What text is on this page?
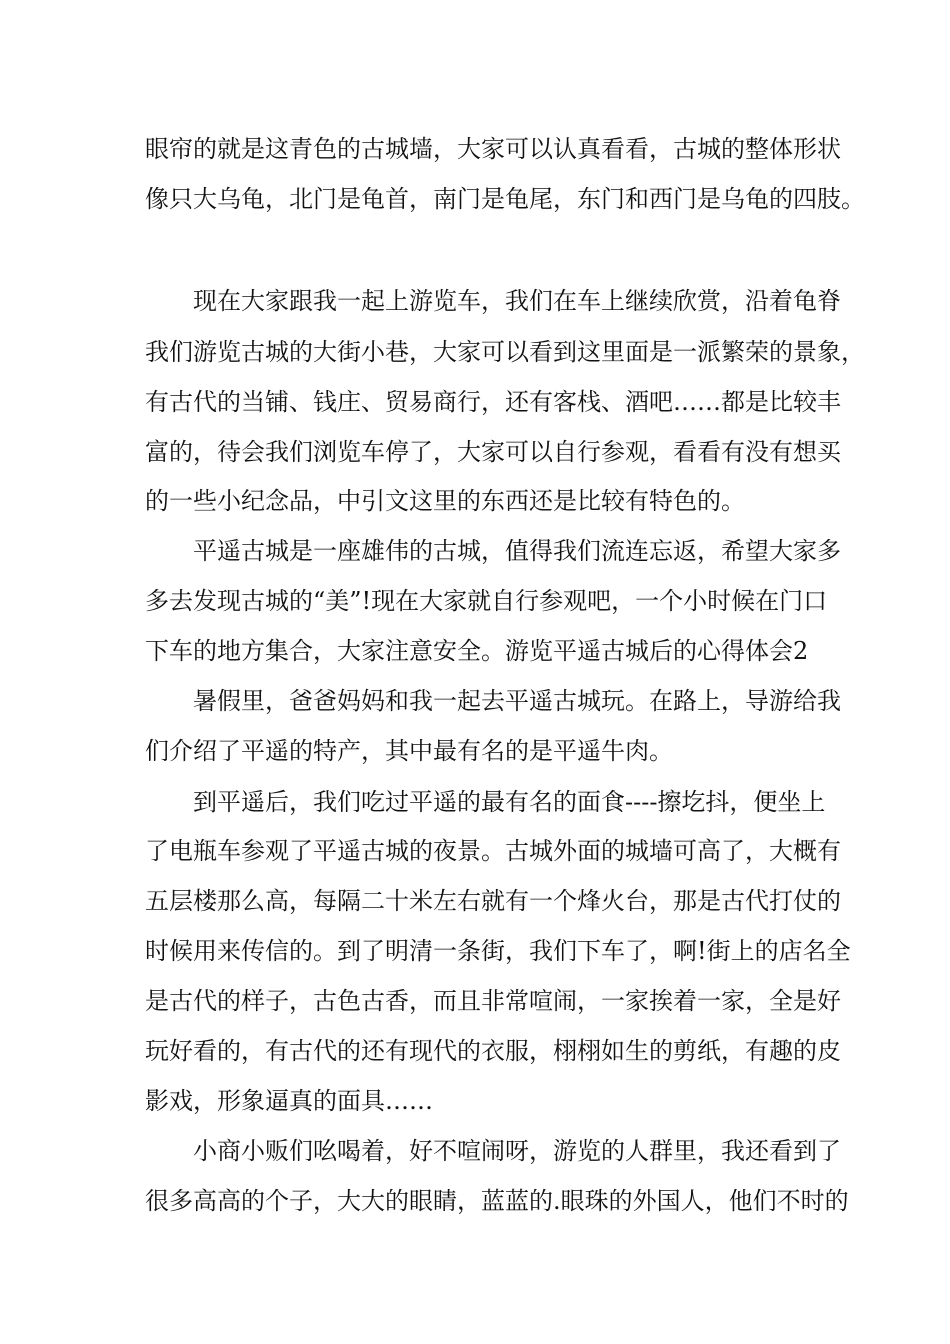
眼帘的就是这青色的古城墙，大家可以认真看看，古城的整体形状
像只大乌龟，北门是龟首，南门是龟尾，东门和西门是乌龟的四肢。
现在大家跟我一起上游览车，我们在车上继续欣赏，沿着龟脊
我们游览古城的大街小巷，大家可以看到这里面是一派繁荣的景象，
有古代的当铺、钱庄、贸易商行，还有客栈、酒吧……都是比较丰
富的，待会我们浏览车停了，大家可以自行参观，看看有没有想买
的一些小纪念品，中引文这里的东西还是比较有特色的。
平遥古城是一座雄伟的古城，值得我们流连忘返，希望大家多
多去发现古城的“美”!现在大家就自行参观吧，一个小时候在门口
下车的地方集合，大家注意安全。游览平遥古城后的心得体会2
暑假里，爸爸妈妈和我一起去平遥古城玩。在路上，导游给我
们介绍了平遥的特产，其中最有名的是平遥牛肉。
到平遥后，我们吃过平遥的最有名的面食----擦圪抖，便坐上
了电瓶车参观了平遥古城的夜景。古城外面的城墙可高了，大概有
五层楼那么高，每隔二十米左右就有一个烽火台，那是古代打仗的
时候用来传信的。到了明清一条街，我们下车了，啊!街上的店名全
是古代的样子，古色古香，而且非常喧闹，一家挨着一家，全是好
玩好看的，有古代的还有现代的衣服，栩栩如生的剪纸，有趣的皮
影戏，形象逼真的面具……
小商小贩们吆喝着，好不喧闹呀，游览的人群里，我还看到了
很多高高的个子，大大的眼睛，蓝蓝的.眼珠的外国人，他们不时的
